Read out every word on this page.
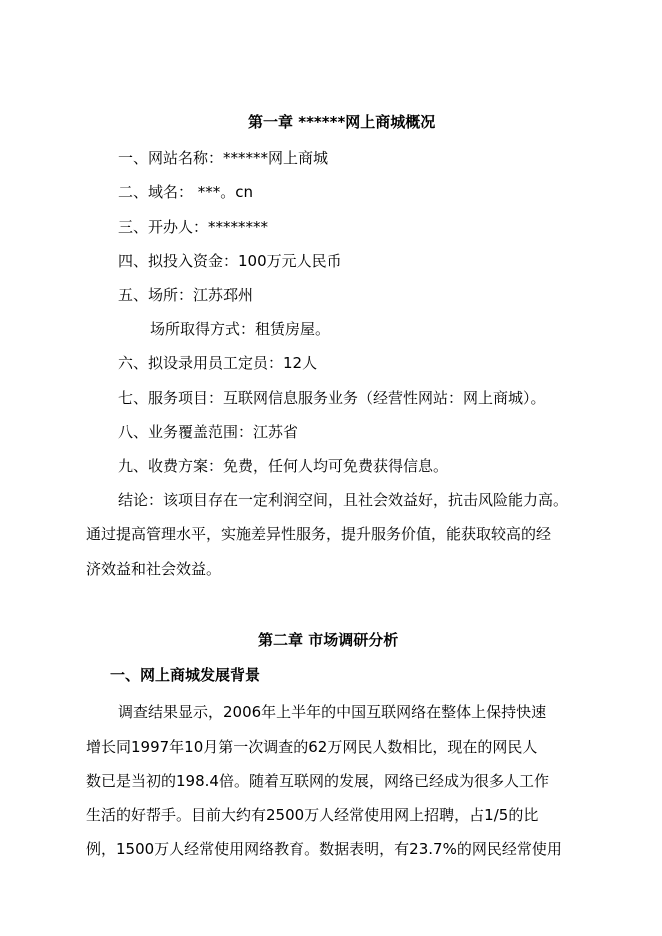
第一章 ******网上商城概况
一、网站名称：******网上商城
二、域名： ***。cn
三、开办人：********
四、拟投入资金：100万元人民币
五、场所：江苏邳州
场所取得方式：租赁房屋。
六、拟设录用员工定员：12人
七、服务项目：互联网信息服务业务（经营性网站：网上商城）。
八、业务覆盖范围：江苏省
九、收费方案：免费，任何人均可免费获得信息。
结论：该项目存在一定利润空间，且社会效益好，抗击风险能力高。
通过提高管理水平，实施差异性服务，提升服务价值，能获取较高的经
济效益和社会效益。
第二章 市场调研分析
一、网上商城发展背景
调查结果显示，2006年上半年的中国互联网络在整体上保持快速
增长同1997年10月第一次调查的62万网民人数相比，现在的网民人
数已是当初的198.4倍。随着互联网的发展，网络已经成为很多人工作
生活的好帮手。目前大约有2500万人经常使用网上招聘，占1/5的比
例，1500万人经常使用网络教育。数据表明，有23.7%的网民经常使用
